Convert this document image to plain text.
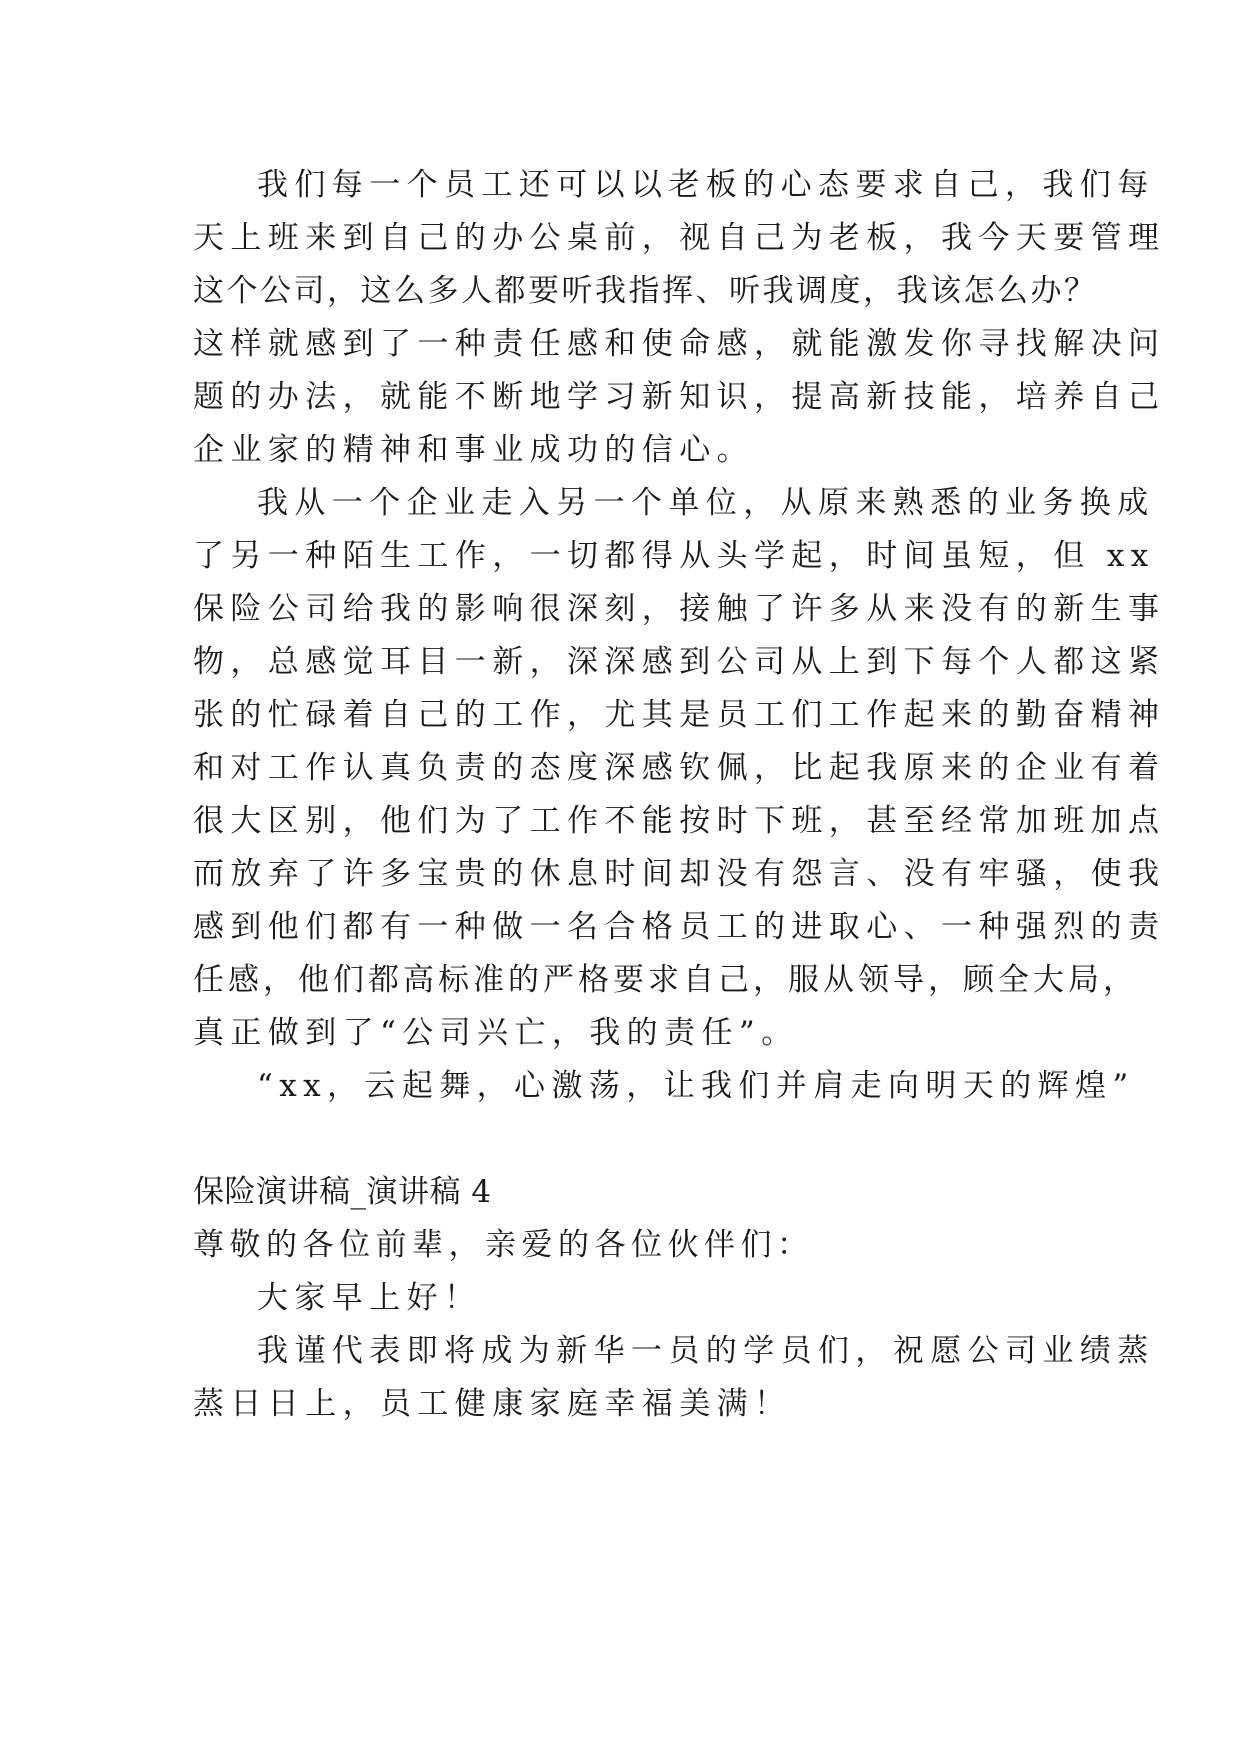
我们每一个员工还可以以老板的心态要求自己，我们每
天上班来到自己的办公桌前，视自己为老板，我今天要管理
这个公司，这么多人都要听我指挥、听我调度，我该怎么办？
这样就感到了一种责任感和使命感，就能激发你寻找解决问
题的办法，就能不断地学习新知识，提高新技能，培养自己
企业家的精神和事业成功的信心。
我从一个企业走入另一个单位，从原来熟悉的业务换成
了另一种陌生工作，一切都得从头学起，时间虽短，但 xx
保险公司给我的影响很深刻，接触了许多从来没有的新生事
物，总感觉耳目一新，深深感到公司从上到下每个人都这紧
张的忙碌着自己的工作，尤其是员工们工作起来的勤奋精神
和对工作认真负责的态度深感钦佩，比起我原来的企业有着
很大区别，他们为了工作不能按时下班，甚至经常加班加点
而放弃了许多宝贵的休息时间却没有怨言、没有牢骚，使我
感到他们都有一种做一名合格员工的进取心、一种强烈的责
任感，他们都高标准的严格要求自己，服从领导，顾全大局，
真正做到了“公司兴亡，我的责任”。
“xx，云起舞，心激荡，让我们并肩走向明天的辉煌”
保险演讲稿_演讲稿 4
尊敬的各位前辈，亲爱的各位伙伴们：
大家早上好！
我谨代表即将成为新华一员的学员们，祝愿公司业绩蒸
蒸日日上，员工健康家庭幸福美满！
